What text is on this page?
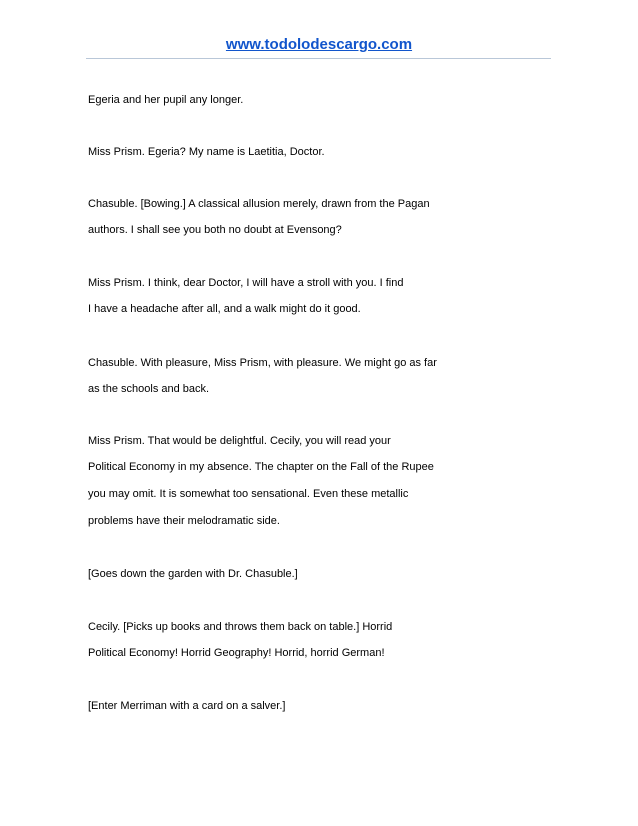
www.todolodescargo.com
Egeria and her pupil any longer.
Miss Prism. Egeria? My name is Laetitia, Doctor.
Chasuble. [Bowing.] A classical allusion merely, drawn from the Pagan
authors. I shall see you both no doubt at Evensong?
Miss Prism. I think, dear Doctor, I will have a stroll with you. I find
I have a headache after all, and a walk might do it good.
Chasuble. With pleasure, Miss Prism, with pleasure. We might go as far
as the schools and back.
Miss Prism. That would be delightful. Cecily, you will read your
Political Economy in my absence. The chapter on the Fall of the Rupee
you may omit. It is somewhat too sensational. Even these metallic
problems have their melodramatic side.
[Goes down the garden with Dr. Chasuble.]
Cecily. [Picks up books and throws them back on table.] Horrid
Political Economy! Horrid Geography! Horrid, horrid German!
[Enter Merriman with a card on a salver.]
